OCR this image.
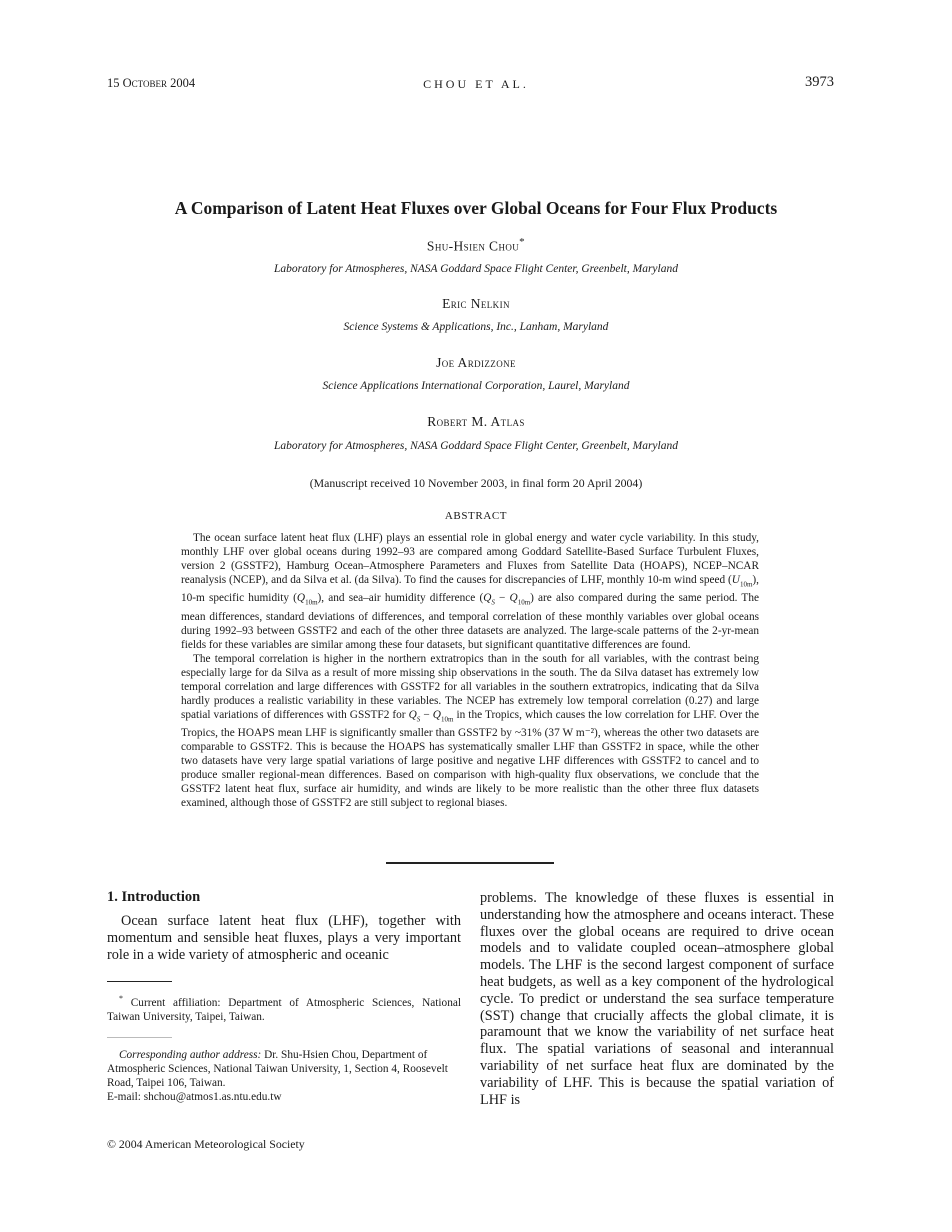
15 October 2004	CHOU ET AL.	3973
A Comparison of Latent Heat Fluxes over Global Oceans for Four Flux Products
Shu-Hsien Chou*
Laboratory for Atmospheres, NASA Goddard Space Flight Center, Greenbelt, Maryland
Eric Nelkin
Science Systems & Applications, Inc., Lanham, Maryland
Joe Ardizzone
Science Applications International Corporation, Laurel, Maryland
Robert M. Atlas
Laboratory for Atmospheres, NASA Goddard Space Flight Center, Greenbelt, Maryland
(Manuscript received 10 November 2003, in final form 20 April 2004)
ABSTRACT

The ocean surface latent heat flux (LHF) plays an essential role in global energy and water cycle variability. In this study, monthly LHF over global oceans during 1992–93 are compared among Goddard Satellite-Based Surface Turbulent Fluxes, version 2 (GSSTF2), Hamburg Ocean–Atmosphere Parameters and Fluxes from Satellite Data (HOAPS), NCEP–NCAR reanalysis (NCEP), and da Silva et al. (da Silva). To find the causes for discrepancies of LHF, monthly 10-m wind speed $(U_{10m})$, 10-m specific humidity $(Q_{10m})$, and sea–air humidity difference $(Q_S - Q_{10m})$ are also compared during the same period. The mean differences, standard deviations of differences, and temporal correlation of these monthly variables over global oceans during 1992–93 between GSSTF2 and each of the other three datasets are analyzed. The large-scale patterns of the 2-yr-mean fields for these variables are similar among these four datasets, but significant quantitative differences are found.

The temporal correlation is higher in the northern extratropics than in the south for all variables, with the contrast being especially large for da Silva as a result of more missing ship observations in the south. The da Silva dataset has extremely low temporal correlation and large differences with GSSTF2 for all variables in the southern extratropics, indicating that da Silva hardly produces a realistic variability in these variables. The NCEP has extremely low temporal correlation (0.27) and large spatial variations of differences with GSSTF2 for $Q_S - Q_{10m}$ in the Tropics, which causes the low correlation for LHF. Over the Tropics, the HOAPS mean LHF is significantly smaller than GSSTF2 by ~31% (37 W m⁻²), whereas the other two datasets are comparable to GSSTF2. This is because the HOAPS has systematically smaller LHF than GSSTF2 in space, while the other two datasets have very large spatial variations of large positive and negative LHF differences with GSSTF2 to cancel and to produce smaller regional-mean differences. Based on comparison with high-quality flux observations, we conclude that the GSSTF2 latent heat flux, surface air humidity, and winds are likely to be more realistic than the other three flux datasets examined, although those of GSSTF2 are still subject to regional biases.

1. Introduction

Ocean surface latent heat flux (LHF), together with momentum and sensible heat fluxes, plays a very important role in a wide variety of atmospheric and oceanic

* Current affiliation: Department of Atmospheric Sciences, National Taiwan University, Taipei, Taiwan.

Corresponding author address: Dr. Shu-Hsien Chou, Department of Atmospheric Sciences, National Taiwan University, 1, Section 4, Roosevelt Road, Taipei 106, Taiwan.

E-mail: shchou@atmos1.as.ntu.edu.tw

© 2004 American Meteorological Society

problems. The knowledge of these fluxes is essential in understanding how the atmosphere and oceans interact. These fluxes over the global oceans are required to drive ocean models and to validate coupled ocean–atmosphere global models. The LHF is the second largest component of surface heat budgets, as well as a key component of the hydrological cycle. To predict or understand the sea surface temperature (SST) change that crucially affects the global climate, it is paramount that we know the variability of net surface heat flux. The spatial variations of seasonal and interannual variability of net surface heat flux are dominated by the variability of LHF. This is because the spatial variation of LHF is
